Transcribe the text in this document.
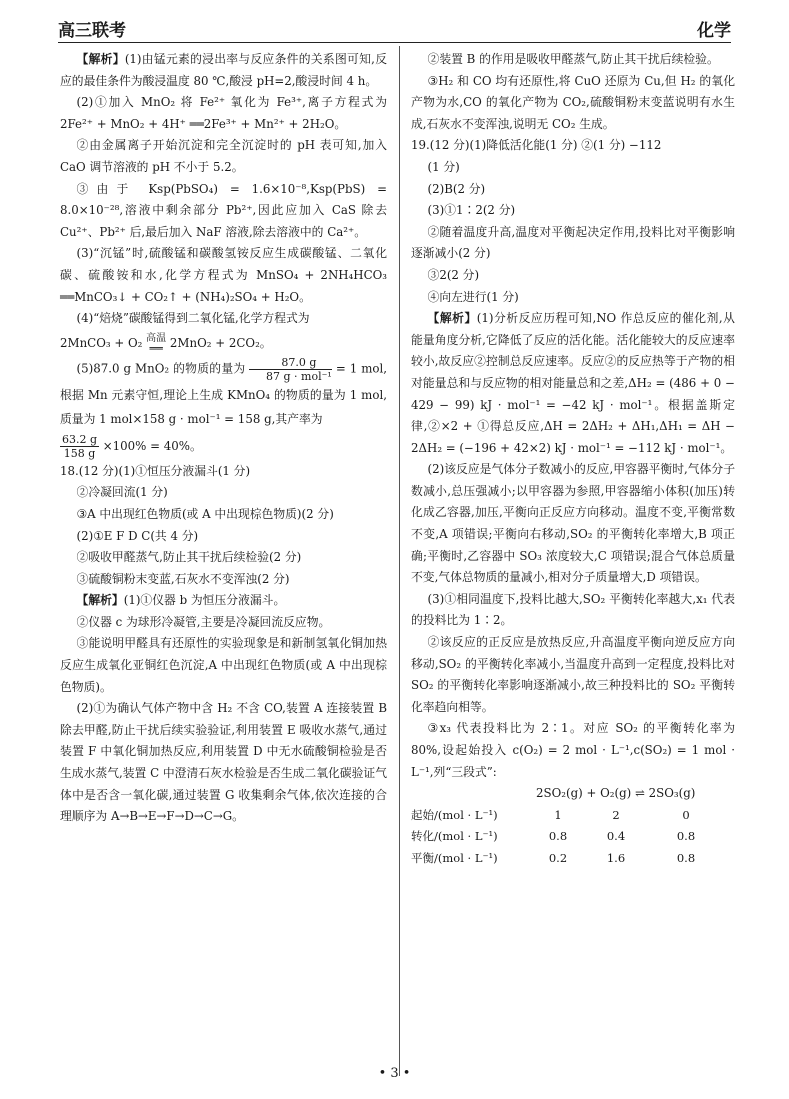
高三联考	化学

【解析】(1)由锰元素的浸出率与反应条件的关系图可知,反应的最佳条件为酸浸温度 80 ℃,酸浸 pH=2,酸浸时间 4 h。

(2)①加入 MnO₂ 将 Fe²⁺ 氧化为 Fe³⁺,离子方程式为 2Fe²⁺ + MnO₂ + 4H⁺ ══2Fe³⁺ + Mn²⁺ + 2H₂O。

②由金属离子开始沉淀和完全沉淀时的 pH 表可知,加入 CaO 调节溶液的 pH 不小于 5.2。

③由于 Ksp(PbSO₄) = 1.6×10⁻⁸,Ksp(PbS) = 8.0×10⁻²⁸,溶液中剩余部分 Pb²⁺,因此应加入 CaS 除去 Cu²⁺、Pb²⁺ 后,最后加入 NaF 溶液,除去溶液中的 Ca²⁺。

(3)“沉锰”时,硫酸锰和碳酸氢铵反应生成碳酸锰、二氧化碳、硫酸铵和水,化学方程式为 MnSO₄ + 2NH₄HCO₃ ══MnCO₃↓ + CO₂↑ + (NH₄)₂SO₄ + H₂O。

(4)“焙烧”碳酸锰得到二氧化锰,化学方程式为

2MnCO₃ + O₂ 高温
══ 2MnO₂ + 2CO₂。

(5)87.0 g MnO₂ 的物质的量为 $\frac{87.0 g}{\text{87 g · mol⁻¹}} = 1$ mol,根据 Mn 元素守恒,理论上生成 KMnO₄ 的物质的量为 1 mol,质量为 1 mol×158 g · mol⁻¹ = 158 g,其产率为

$\frac{63.2 g}{158 g} \times 100\% = 40\%$。

18.(12 分)(1)①恒压分液漏斗(1 分)

②冷凝回流(1 分)

③A 中出现红色物质(或 A 中出现棕色物质)(2 分)

(2)①E F D C(共 4 分)

②吸收甲醛蒸气,防止其干扰后续检验(2 分)

③硫酸铜粉末变蓝,石灰水不变浑浊(2 分)

【解析】(1)①仪器 b 为恒压分液漏斗。

②仪器 c 为球形冷凝管,主要是冷凝回流反应物。

③能说明甲醛具有还原性的实验现象是和新制氢氧化铜加热反应生成氧化亚铜红色沉淀,A 中出现红色物质(或 A 中出现棕色物质)。

(2)①为确认气体产物中含 H₂ 不含 CO,装置 A 连接装置 B 除去甲醛,防止干扰后续实验验证,利用装置 E 吸收水蒸气,通过装置 F 中氧化铜加热反应,利用装置 D 中无水硫酸铜检验是否生成水蒸气,装置 C 中澄清石灰水检验是否生成二氧化碳验证气体中是否含一氧化碳,通过装置 G 收集剩余气体,依次连接的合理顺序为 A→B→E→F→D→C→G。

②装置 B 的作用是吸收甲醛蒸气,防止其干扰后续检验。

③H₂ 和 CO 均有还原性,将 CuO 还原为 Cu,但 H₂ 的氧化产物为水,CO 的氧化产物为 CO₂,硫酸铜粉末变蓝说明有水生成,石灰水不变浑浊,说明无 CO₂ 生成。

19.(12 分)(1)降低活化能(1 分) ②(1 分) −112

(1 分)

(2)B(2 分)

(3)①1∶2(2 分)

②随着温度升高,温度对平衡起决定作用,投料比对平衡影响逐渐减小(2 分)

③2(2 分)

④向左进行(1 分)

【解析】(1)分析反应历程可知,NO 作总反应的催化剂,从能量角度分析,它降低了反应的活化能。活化能较大的反应速率较小,故反应②控制总反应速率。反应②的反应热等于产物的相对能量总和与反应物的相对能量总和之差,ΔH₂ = (486 + 0 − 429 − 99) kJ · mol⁻¹ = −42 kJ · mol⁻¹。根据盖斯定律,②×2 + ①得总反应,ΔH = 2ΔH₂ + ΔH₁,ΔH₁ = ΔH − 2ΔH₂ = (−196 + 42×2) kJ · mol⁻¹ = −112 kJ · mol⁻¹。

(2)该反应是气体分子数减小的反应,甲容器平衡时,气体分子数减小,总压强减小;以甲容器为参照,甲容器缩小体积(加压)转化成乙容器,加压,平衡向正反应方向移动。温度不变,平衡常数不变,A 项错误;平衡向右移动,SO₂ 的平衡转化率增大,B 项正确;平衡时,乙容器中 SO₃ 浓度较大,C 项错误;混合气体总质量不变,气体总物质的量减小,相对分子质量增大,D 项错误。

(3)①相同温度下,投料比越大,SO₂ 平衡转化率越大,x₁ 代表的投料比为 1∶2。

②该反应的正反应是放热反应,升高温度平衡向逆反应方向移动,SO₂ 的平衡转化率减小,当温度升高到一定程度,投料比对 SO₂ 的平衡转化率影响逐渐减小,故三种投料比的 SO₂ 平衡转化率趋向相等。

③x₃ 代表投料比为 2∶1。对应 SO₂ 的平衡转化率为 80%,设起始投入 c(O₂) = 2 mol · L⁻¹,c(SO₂) = 1 mol · L⁻¹,列“三段式”:

2SO₂(g) + O₂(g) ⇌ 2SO₃(g)

起始/(mol · L⁻¹)	1	2	0
转化/(mol · L⁻¹)	0.8	0.4	0.8
平衡/(mol · L⁻¹)	0.2	1.6	0.8
• 3 •
